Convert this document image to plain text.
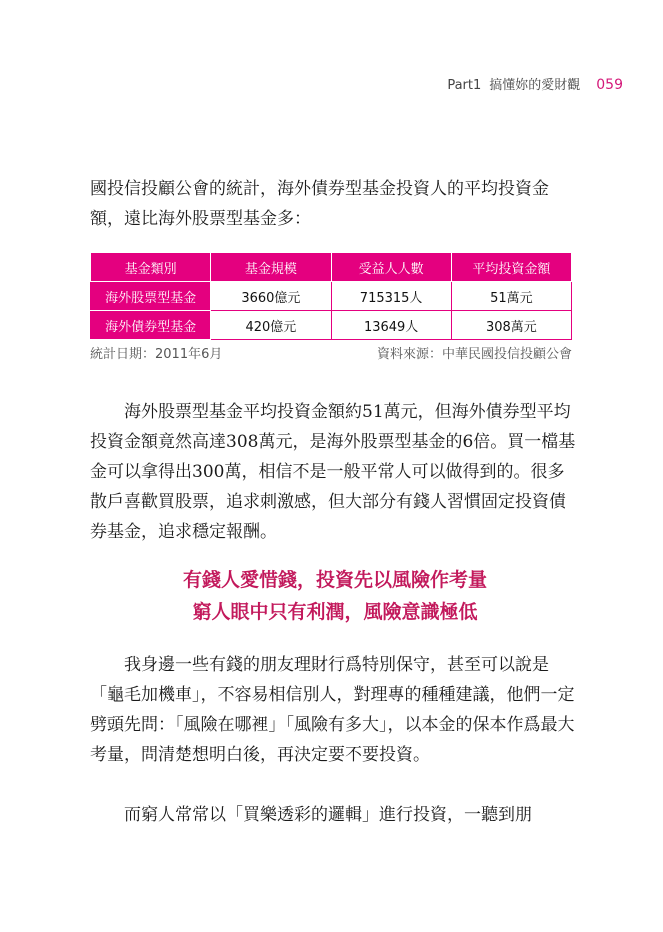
Part1 搞懂妳的愛財觀 059

國投信投顧公會的統計，海外債券型基金投資人的平均投資金額，遠比海外股票型基金多：

基金類別	基金規模	受益人人數	平均投資金額
海外股票型基金	3660億元	715315人	51萬元
海外債券型基金	420億元	13649人	308萬元
統計日期：2011年6月	資料來源：中華民國投信投顧公會

海外股票型基金平均投資金額約51萬元，但海外債券型平均投資金額竟然高達308萬元，是海外股票型基金的6倍。買一檔基金可以拿得出300萬，相信不是一般平常人可以做得到的。很多散戶喜歡買股票，追求刺激感，但大部分有錢人習慣固定投資債券基金，追求穩定報酬。

有錢人愛惜錢，投資先以風險作考量
窮人眼中只有利潤，風險意識極低

我身邊一些有錢的朋友理財行爲特別保守，甚至可以說是「龜毛加機車」，不容易相信別人，對理專的種種建議，他們一定劈頭先問：「風險在哪裡」「風險有多大」，以本金的保本作爲最大考量，問清楚想明白後，再決定要不要投資。

而窮人常常以「買樂透彩的邏輯」進行投資，一聽到朋
